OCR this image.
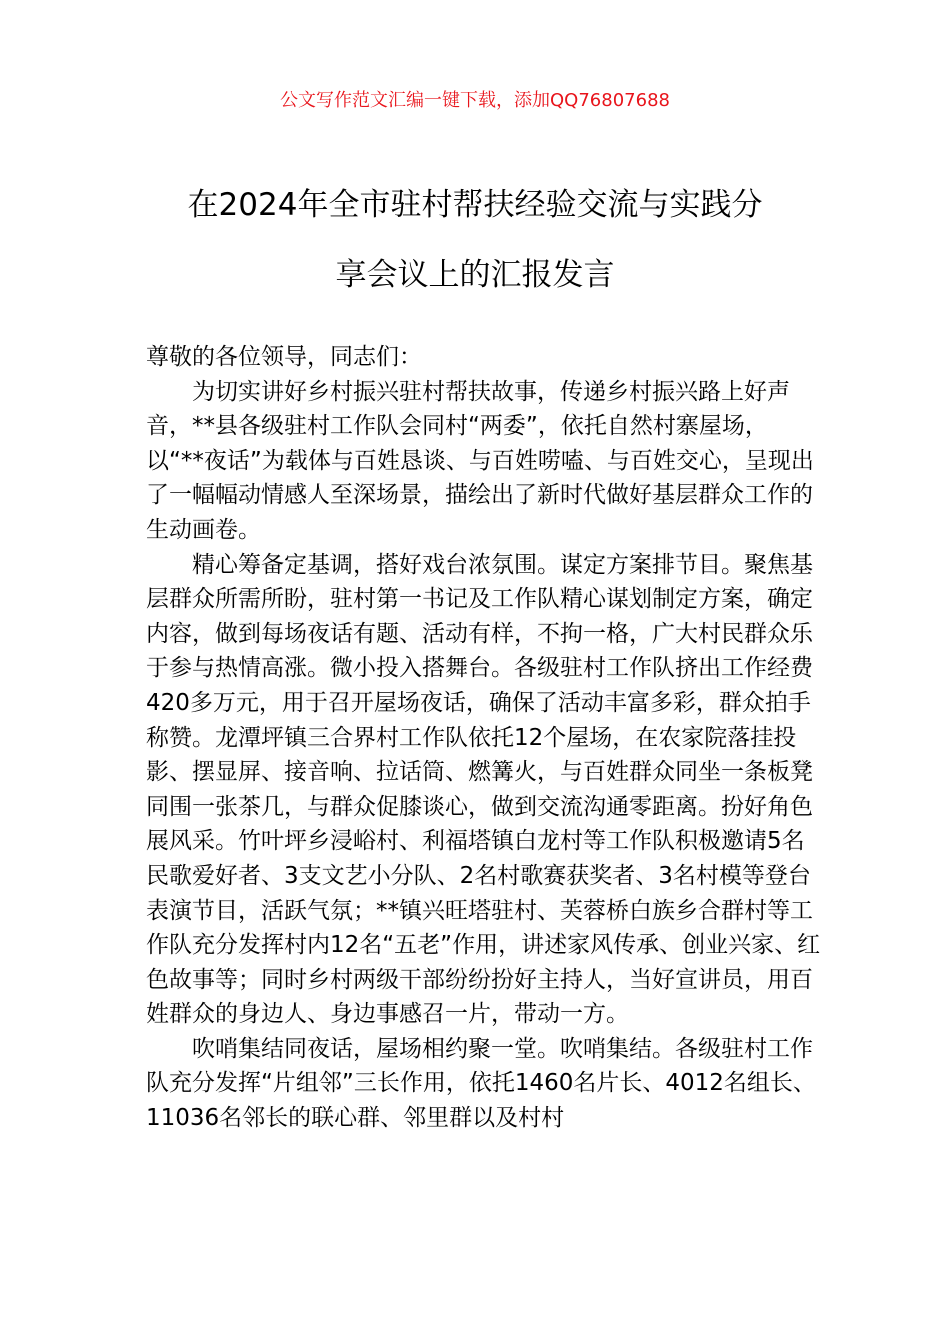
公文写作范文汇编一键下载，添加QQ76807688
在2024年全市驻村帮扶经验交流与实践分
享会议上的汇报发言

尊敬的各位领导，同志们：

为切实讲好乡村振兴驻村帮扶故事，传递乡村振兴路上好声音，**县各级驻村工作队会同村“两委”，依托自然村寨屋场，以“**夜话”为载体与百姓恳谈、与百姓唠嗑、与百姓交心，呈现出了一幅幅动情感人至深场景，描绘出了新时代做好基层群众工作的生动画卷。

精心筹备定基调，搭好戏台浓氛围。谋定方案排节目。聚焦基层群众所需所盼，驻村第一书记及工作队精心谋划制定方案，确定内容，做到每场夜话有题、活动有样，不拘一格，广大村民群众乐于参与热情高涨。微小投入搭舞台。各级驻村工作队挤出工作经费420多万元，用于召开屋场夜话，确保了活动丰富多彩，群众拍手称赞。龙潭坪镇三合界村工作队依托12个屋场，在农家院落挂投影、摆显屏、接音响、拉话筒、燃篝火，与百姓群众同坐一条板凳同围一张茶几，与群众促膝谈心，做到交流沟通零距离。扮好角色展风采。竹叶坪乡浸峪村、利福塔镇白龙村等工作队积极邀请5名民歌爱好者、3支文艺小分队、2名村歌赛获奖者、3名村模等登台表演节目，活跃气氛；**镇兴旺塔驻村、芙蓉桥白族乡合群村等工作队充分发挥村内12名“五老”作用，讲述家风传承、创业兴家、红色故事等；同时乡村两级干部纷纷扮好主持人，当好宣讲员，用百姓群众的身边人、身边事感召一片，带动一方。

吹哨集结同夜话，屋场相约聚一堂。吹哨集结。各级驻村工作队充分发挥“片组邻”三长作用，依托1460名片长、4012名组长、11036名邻长的联心群、邻里群以及村村
